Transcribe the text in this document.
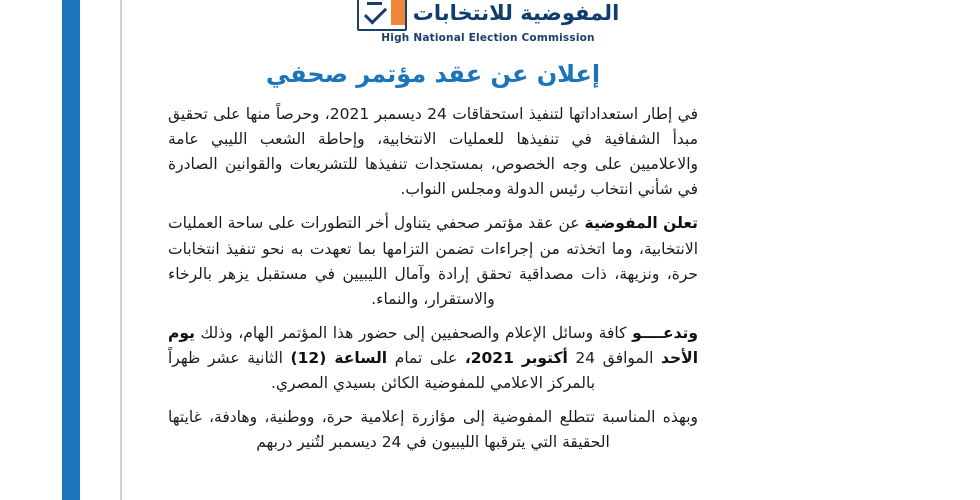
المفوضية للانتخابات
High National Election Commission
إعلان عن عقد مؤتمر صحفي

في إطار استعداداتها لتنفيذ استحقاقات 24 ديسمبر 2021، وحرصاً منها على تحقيق مبدأ الشفافية في تنفيذها للعمليات الانتخابية، وإحاطة الشعب الليبي عامة والاعلاميين على وجه الخصوص، بمستجدات تنفيذها للتشريعات والقوانين الصادرة في شأني انتخاب رئيس الدولة ومجلس النواب.

تعلن المفوضية عن عقد مؤتمر صحفي يتناول أخر التطورات على ساحة العمليات الانتخابية، وما اتخذته من إجراءات تضمن التزامها بما تعهدت به نحو تنفيذ انتخابات حرة، ونزيهة، ذات مصداقية تحقق إرادة وآمال الليبيين في مستقبل يزهر بالرخاء والاستقرار، والنماء.

وتدعــــو كافة وسائل الإعلام والصحفيين إلى حضور هذا المؤتمر الهام، وذلك يوم الأحد الموافق 24 أكتوبر 2021، على تمام الساعة (12) الثانية عشر ظهراً بالمركز الاعلامي للمفوضية الكائن بسيدي المصري.

وبهذه المناسبة تتطلع المفوضية إلى مؤازرة إعلامية حرة، ووطنية، وهادفة، غايتها الحقيقة التي يترقبها الليبيون في 24 ديسمبر لتُنير دربهم
